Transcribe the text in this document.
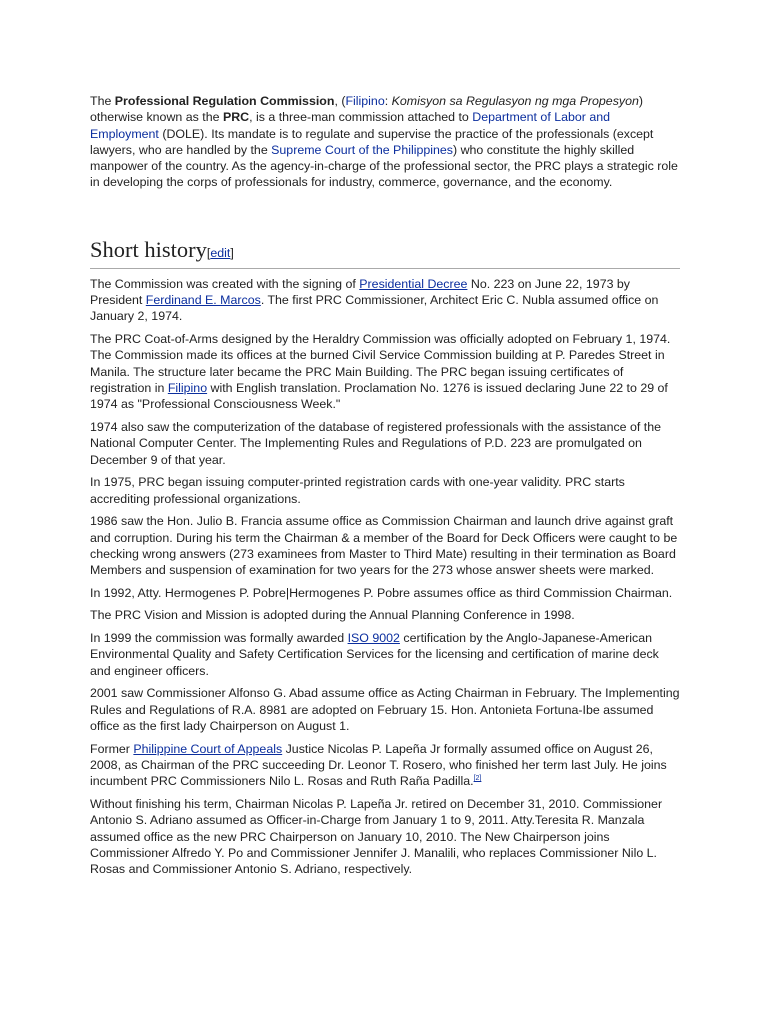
The Professional Regulation Commission, (Filipino: Komisyon sa Regulasyon ng mga Propesyon) otherwise known as the PRC, is a three-man commission attached to Department of Labor and Employment (DOLE). Its mandate is to regulate and supervise the practice of the professionals (except lawyers, who are handled by the Supreme Court of the Philippines) who constitute the highly skilled manpower of the country. As the agency-in-charge of the professional sector, the PRC plays a strategic role in developing the corps of professionals for industry, commerce, governance, and the economy.

Short history[edit]

The Commission was created with the signing of Presidential Decree No. 223 on June 22, 1973 by President Ferdinand E. Marcos. The first PRC Commissioner, Architect Eric C. Nubla assumed office on January 2, 1974.

The PRC Coat-of-Arms designed by the Heraldry Commission was officially adopted on February 1, 1974. The Commission made its offices at the burned Civil Service Commission building at P. Paredes Street in Manila. The structure later became the PRC Main Building. The PRC began issuing certificates of registration in Filipino with English translation. Proclamation No. 1276 is issued declaring June 22 to 29 of 1974 as "Professional Consciousness Week."

1974 also saw the computerization of the database of registered professionals with the assistance of the National Computer Center. The Implementing Rules and Regulations of P.D. 223 are promulgated on December 9 of that year.

In 1975, PRC began issuing computer-printed registration cards with one-year validity. PRC starts accrediting professional organizations.

1986 saw the Hon. Julio B. Francia assume office as Commission Chairman and launch drive against graft and corruption. During his term the Chairman & a member of the Board for Deck Officers were caught to be checking wrong answers (273 examinees from Master to Third Mate) resulting in their termination as Board Members and suspension of examination for two years for the 273 whose answer sheets were marked.

In 1992, Atty. Hermogenes P. Pobre|Hermogenes P. Pobre assumes office as third Commission Chairman.

The PRC Vision and Mission is adopted during the Annual Planning Conference in 1998.

In 1999 the commission was formally awarded ISO 9002 certification by the Anglo-Japanese-American Environmental Quality and Safety Certification Services for the licensing and certification of marine deck and engineer officers.

2001 saw Commissioner Alfonso G. Abad assume office as Acting Chairman in February. The Implementing Rules and Regulations of R.A. 8981 are adopted on February 15. Hon. Antonieta Fortuna-Ibe assumed office as the first lady Chairperson on August 1.

Former Philippine Court of Appeals Justice Nicolas P. Lapeña Jr formally assumed office on August 26, 2008, as Chairman of the PRC succeeding Dr. Leonor T. Rosero, who finished her term last July. He joins incumbent PRC Commissioners Nilo L. Rosas and Ruth Raña Padilla.[2]

Without finishing his term, Chairman Nicolas P. Lapeña Jr. retired on December 31, 2010. Commissioner Antonio S. Adriano assumed as Officer-in-Charge from January 1 to 9, 2011. Atty.Teresita R. Manzala assumed office as the new PRC Chairperson on January 10, 2010. The New Chairperson joins Commissioner Alfredo Y. Po and Commissioner Jennifer J. Manalili, who replaces Commissioner Nilo L. Rosas and Commissioner Antonio S. Adriano, respectively.
